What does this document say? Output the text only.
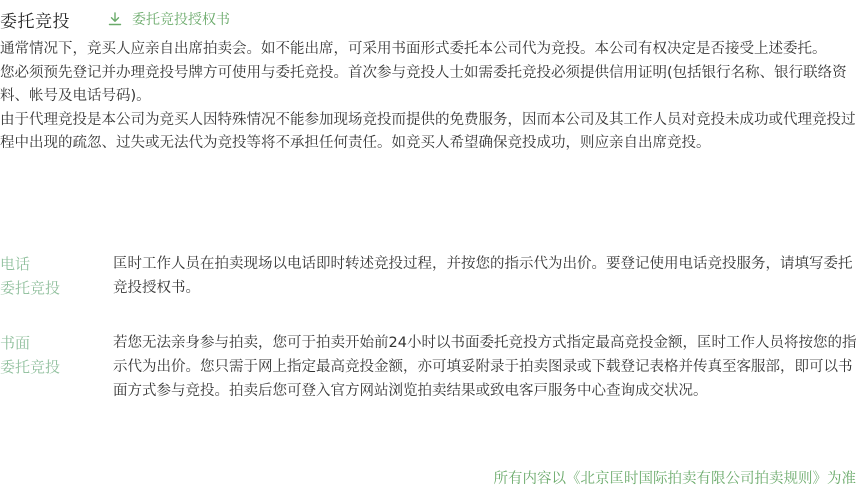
委托竞投	委托竞投授权书

通常情况下，竞买人应亲自出席拍卖会。如不能出席，可采用书面形式委托本公司代为竞投。本公司有权决定是否接受上述委托。

您必须预先登记并办理竞投号牌方可使用与委托竞投。首次参与竞投人士如需委托竞投必须提供信用证明(包括银行名称、银行联络资料、帐号及电话号码)。

由于代理竞投是本公司为竞买人因特殊情况不能参加现场竞投而提供的免费服务，因而本公司及其工作人员对竞投未成功或代理竞投过程中出现的疏忽、过失或无法代为竞投等将不承担任何责任。如竞买人希望确保竞投成功，则应亲自出席竞投。

电话
委托竞投
匡时工作人员在拍卖现场以电话即时转述竞投过程，并按您的指示代为出价。要登记使用电话竞投服务，请填写委托竞投授权书。
书面
委托竞投
若您无法亲身参与拍卖，您可于拍卖开始前24小时以书面委托竞投方式指定最高竞投金额，匡时工作人员将按您的指示代为出价。您只需于网上指定最高竞投金额，亦可填妥附录于拍卖图录或下载登记表格并传真至客服部，即可以书面方式参与竞投。拍卖后您可登入官方网站浏览拍卖结果或致电客戸服务中心查询成交状况。
所有内容以《北京匡时国际拍卖有限公司拍卖规则》为准
